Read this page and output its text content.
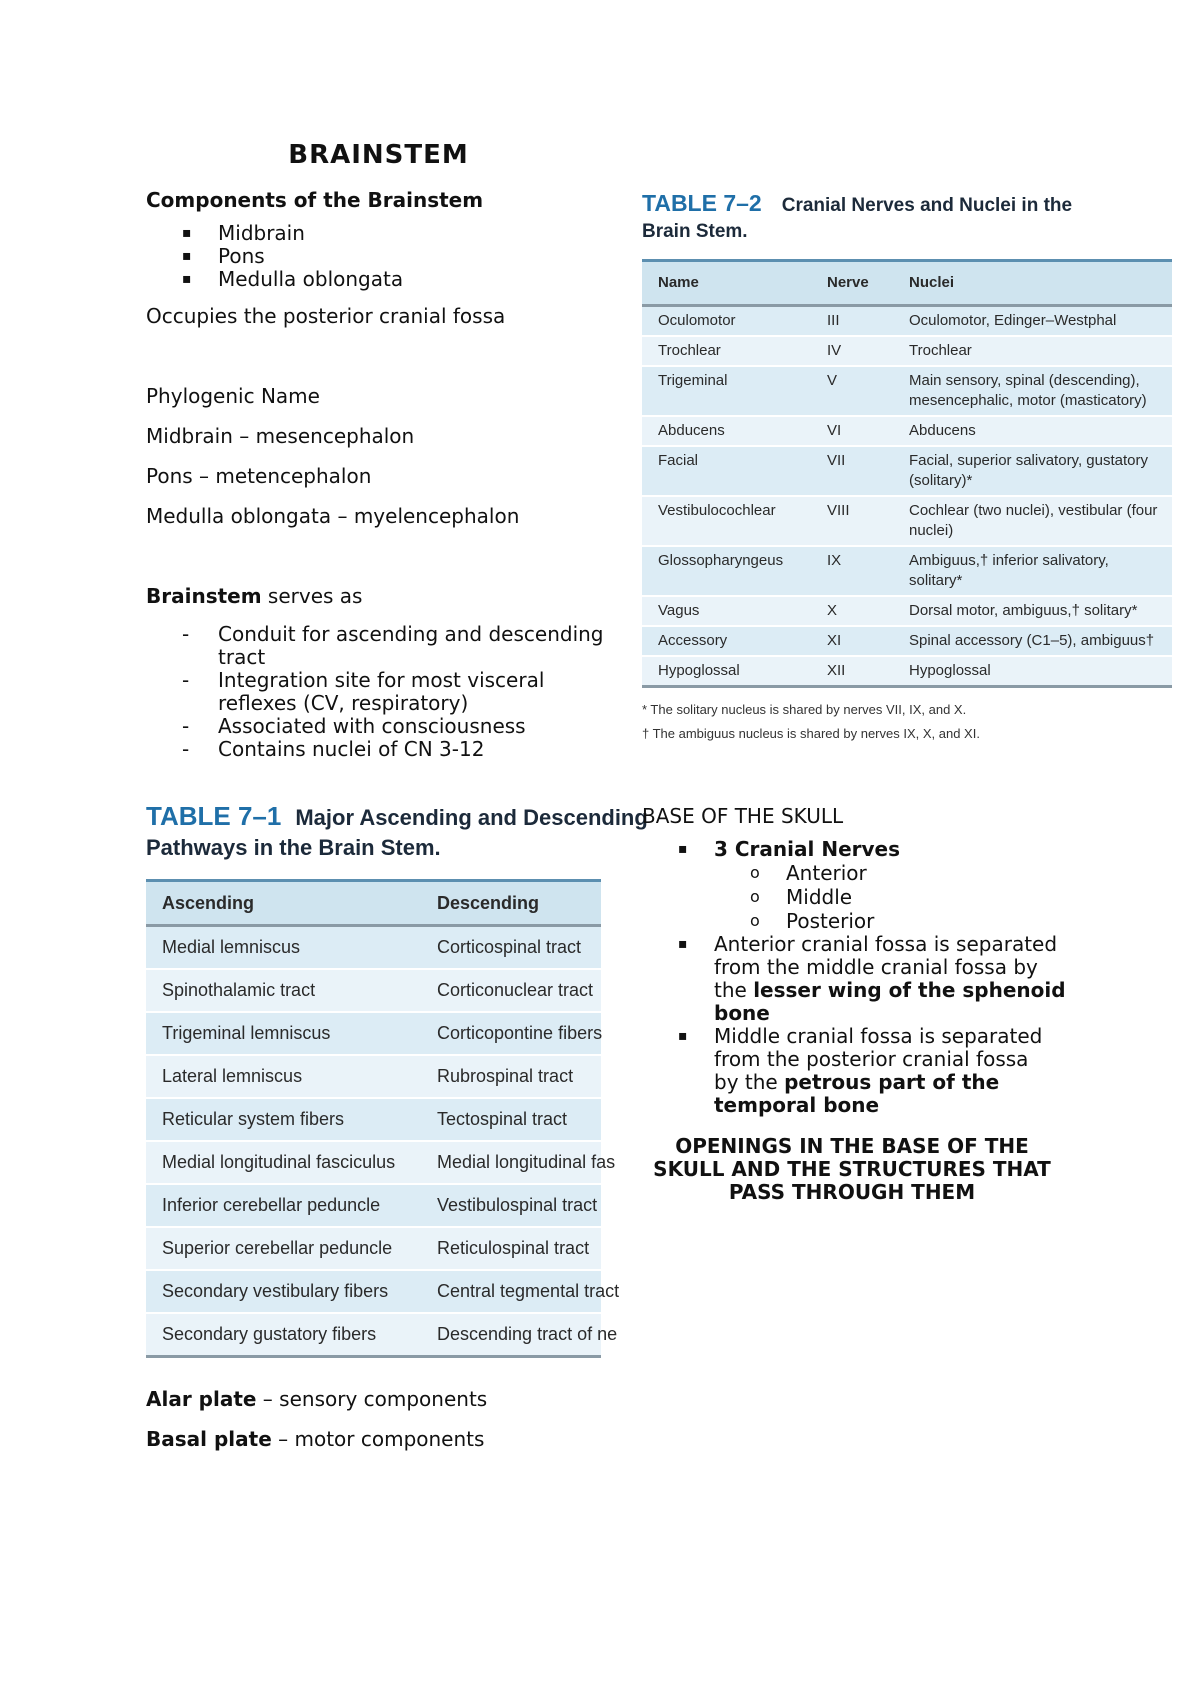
BRAINSTEM
Components of the Brainstem
▪ Midbrain
▪ Pons
▪ Medulla oblongata

Occupies the posterior cranial fossa

Phylogenic Name

Midbrain – mesencephalon

Pons – metencephalon

Medulla oblongata – myelencephalon

Brainstem serves as

- Conduit for ascending and descending tract
- Integration site for most visceral reflexes (CV, respiratory)
- Associated with consciousness
- Contains nuclei of CN 3-12
TABLE 7–1 Major Ascending and Descending
Pathways in the Brain Stem.
Ascending	Descending
Medial lemniscus	Corticospinal tract
Spinothalamic tract	Corticonuclear tract
Trigeminal lemniscus	Corticopontine fibers
Lateral lemniscus	Rubrospinal tract
Reticular system fibers	Tectospinal tract
Medial longitudinal fasciculus	Medial longitudinal fas
Inferior cerebellar peduncle	Vestibulospinal tract
Superior cerebellar peduncle	Reticulospinal tract
Secondary vestibulary fibers	Central tegmental tract
Secondary gustatory fibers	Descending tract of ne

Alar plate – sensory components

Basal plate – motor components

TABLE 7–2 Cranial Nerves and Nuclei in the
Brain Stem.
Name	Nerve	Nuclei
Oculomotor	III	Oculomotor, Edinger–Westphal
Trochlear	IV	Trochlear
Trigeminal	V	Main sensory, spinal (descending), mesencephalic, motor (masticatory)
Abducens	VI	Abducens
Facial	VII	Facial, superior salivatory, gustatory (solitary)*
Vestibulocochlear	VIII	Cochlear (two nuclei), vestibular (four nuclei)
Glossopharyngeus	IX	Ambiguus,† inferior salivatory, solitary*
Vagus	X	Dorsal motor, ambiguus,† solitary*
Accessory	XI	Spinal accessory (C1–5), ambiguus†
Hypoglossal	XII	Hypoglossal
* The solitary nucleus is shared by nerves VII, IX, and X.
† The ambiguus nucleus is shared by nerves IX, X, and XI.
BASE OF THE SKULL
▪ 3 Cranial Nerves
o Anterior
o Middle
o Posterior
▪ Anterior cranial fossa is separated from the middle cranial fossa by the lesser wing of the sphenoid bone
▪ Middle cranial fossa is separated from the posterior cranial fossa by the petrous part of the temporal bone
OPENINGS IN THE BASE OF THE SKULL AND THE STRUCTURES THAT PASS THROUGH THEM
